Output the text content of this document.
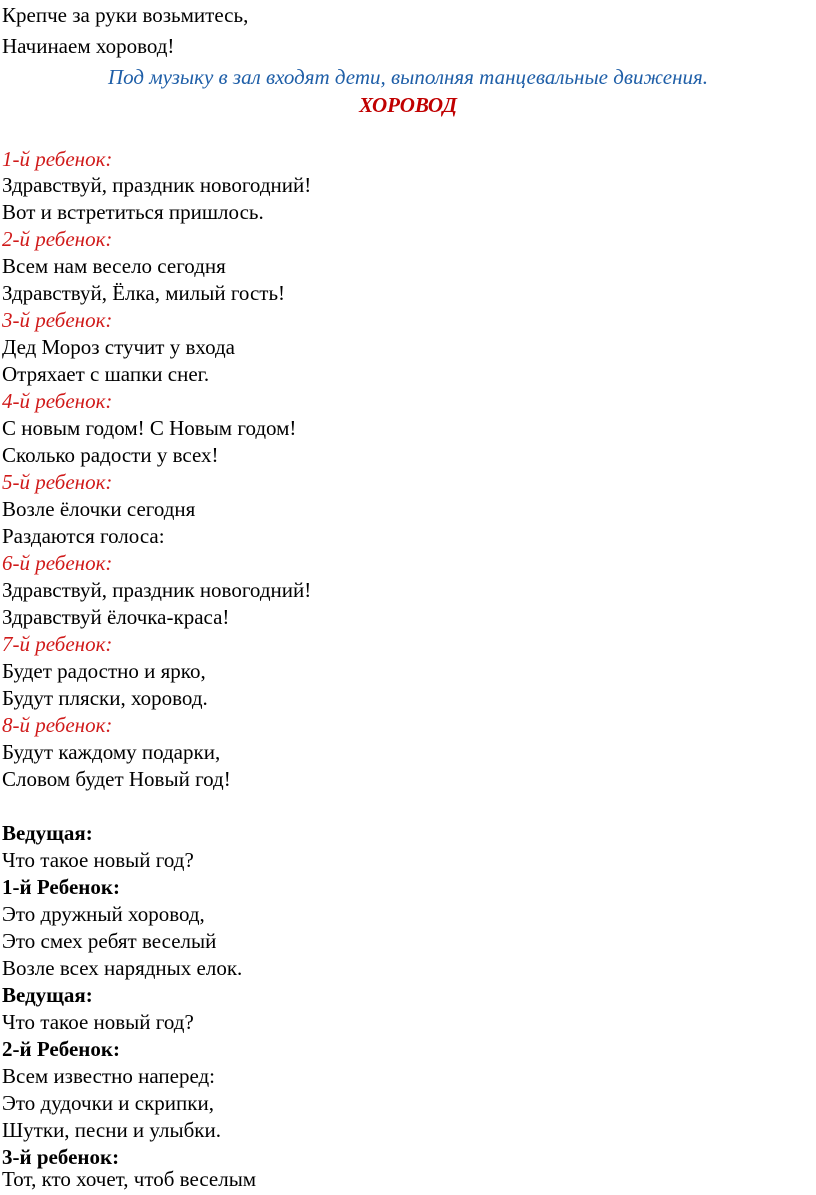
Крепче за руки возьмитесь,
Начинаем хоровод!
Под музыку в зал входят дети, выполняя танцевальные движения.
ХОРОВОД
1-й ребенок:
Здравствуй, праздник новогодний!
Вот и встретиться пришлось.
2-й ребенок:
Всем нам весело сегодня
Здравствуй, Ёлка, милый гость!
3-й ребенок:
Дед Мороз стучит у входа
Отряхает с шапки снег.
4-й ребенок:
С новым годом! С Новым годом!
Сколько радости у всех!
5-й ребенок:
Возле ёлочки сегодня
Раздаются голоса:
6-й ребенок:
Здравствуй, праздник новогодний!
Здравствуй ёлочка-краса!
7-й ребенок:
Будет радостно и ярко,
Будут пляски, хоровод.
8-й ребенок:
Будут каждому подарки,
Словом будет Новый год!
Ведущая:
Что такое новый год?
1-й Ребенок:
Это дружный хоровод,
Это смех ребят веселый
Возле всех нарядных елок.
Ведущая:
Что такое новый год?
2-й Ребенок:
Всем известно наперед:
Это дудочки и скрипки,
Шутки, песни и улыбки.
3-й ребенок:
Тот, кто хочет, чтоб веселым
